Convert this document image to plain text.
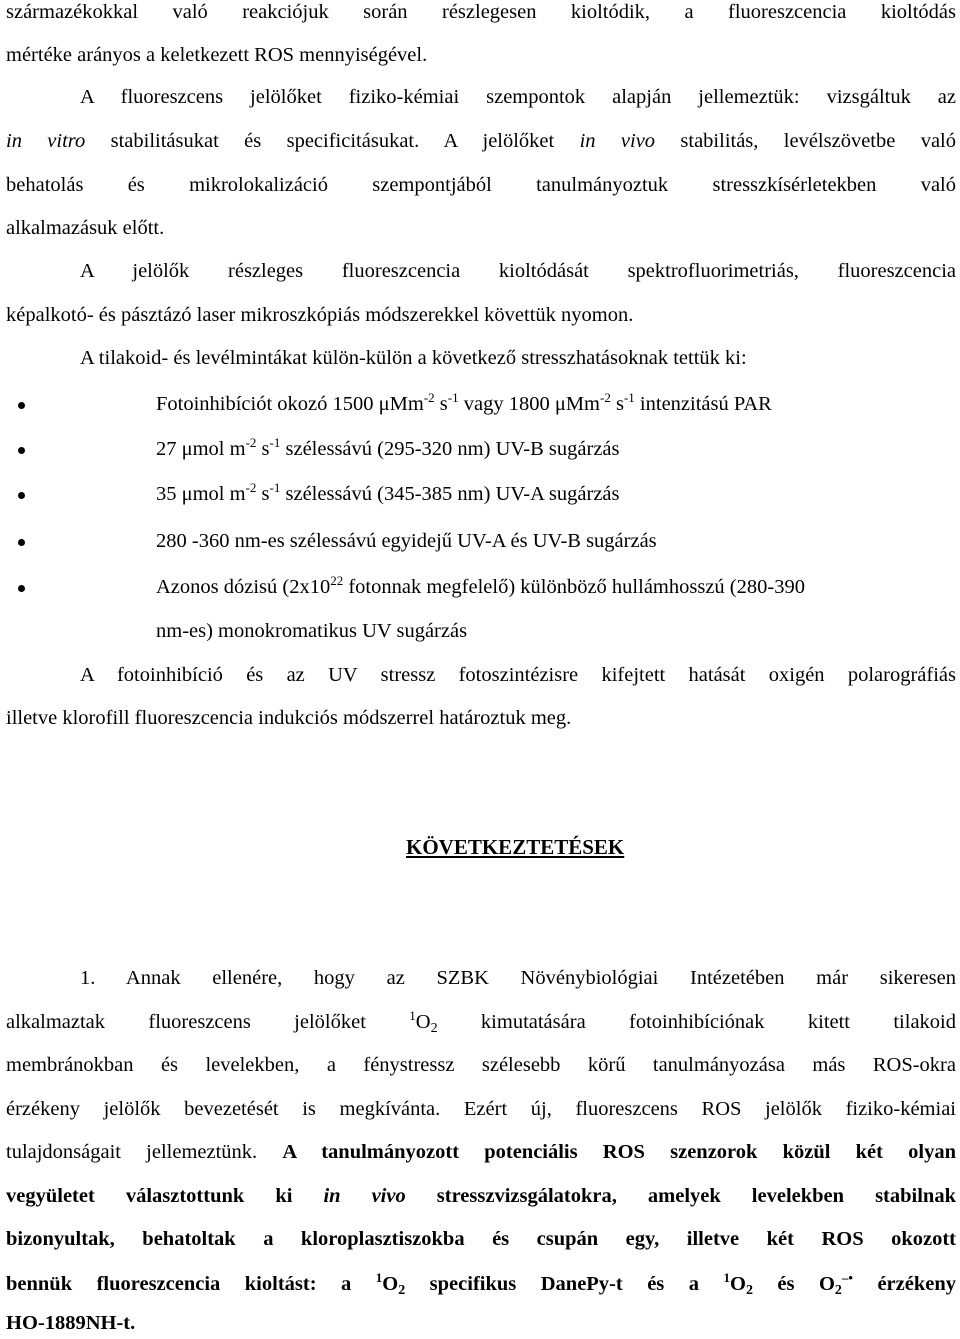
származékokkal való reakciójuk során részlegesen kioltódik, a fluoreszcencia kioltódás
mértéke arányos a keletkezett ROS mennyiségével.
A fluoreszcens jelölőket fiziko-kémiai szempontok alapján jellemeztük: vizsgáltuk az
in vitro stabilitásukat és specificitásukat. A jelölőket in vivo stabilitás, levélszövetbe való
behatolás és mikrolokalizáció szempontjából tanulmányoztuk stresszkísérletekben való
alkalmazásuk előtt.
A jelölők részleges fluoreszcencia kioltódását spektrofluorimetriás, fluoreszcencia
képalkotó- és pásztázó laser mikroszkópiás módszerekkel követtük nyomon.
A tilakoid- és levélmintákat külön-külön a következő stresszhatásoknak tettük ki:
Fotoinhibíciót okozó 1500 μMm$^{-2}$ $s^{-1}$ vagy 1800 μMm$^{-2}$ $s^{-1}$ intenzitású PAR
27 μmol $m^{-2}$ $s^{-1}$ szélessávú (295-320 nm) UV-B sugárzás
35 μmol $m^{-2}$ $s^{-1}$ szélessávú (345-385 nm) UV-A sugárzás
280 -360 nm-es szélessávú egyidejű UV-A és UV-B sugárzás
Azonos dózisú ($2x10^{22}$ fotonnak megfelelő) különböző hullámhosszú (280-390
nm-es) monokromatikus UV sugárzás
A fotoinhibíció és az UV stressz fotoszintézisre kifejtett hatását oxigén polarográfiás
illetve klorofill fluoreszcencia indukciós módszerrel határoztuk meg.
KÖVETKEZTETÉSEK
1. Annak ellenére, hogy az SZBK Növénybiológiai Intézetében már sikeresen
alkalmaztak fluoreszcens jelölőket $^1O_2$ kimutatására fotoinhibíciónak kitett tilakoid
membránokban és levelekben, a fénystressz szélesebb körű tanulmányozása más ROS-okra
érzékeny jelölők bevezetését is megkívánta. Ezért új, fluoreszcens ROS jelölők fiziko-kémiai
tulajdonságait jellemeztünk. A tanulmányozott potenciális ROS szenzorok közül két olyan
vegyületet választottunk ki in vivo stresszvizsgálatokra, amelyek levelekben stabilnak
bizonyultak, behatoltak a kloroplasztiszokba és csupán egy, illetve két ROS okozott
bennük fluoreszcencia kioltást: a $^1O_2$ specifikus DanePy-t és a $^1O_2$ és $O_2^{-•}$ érzékeny
HO-1889NH-t.
